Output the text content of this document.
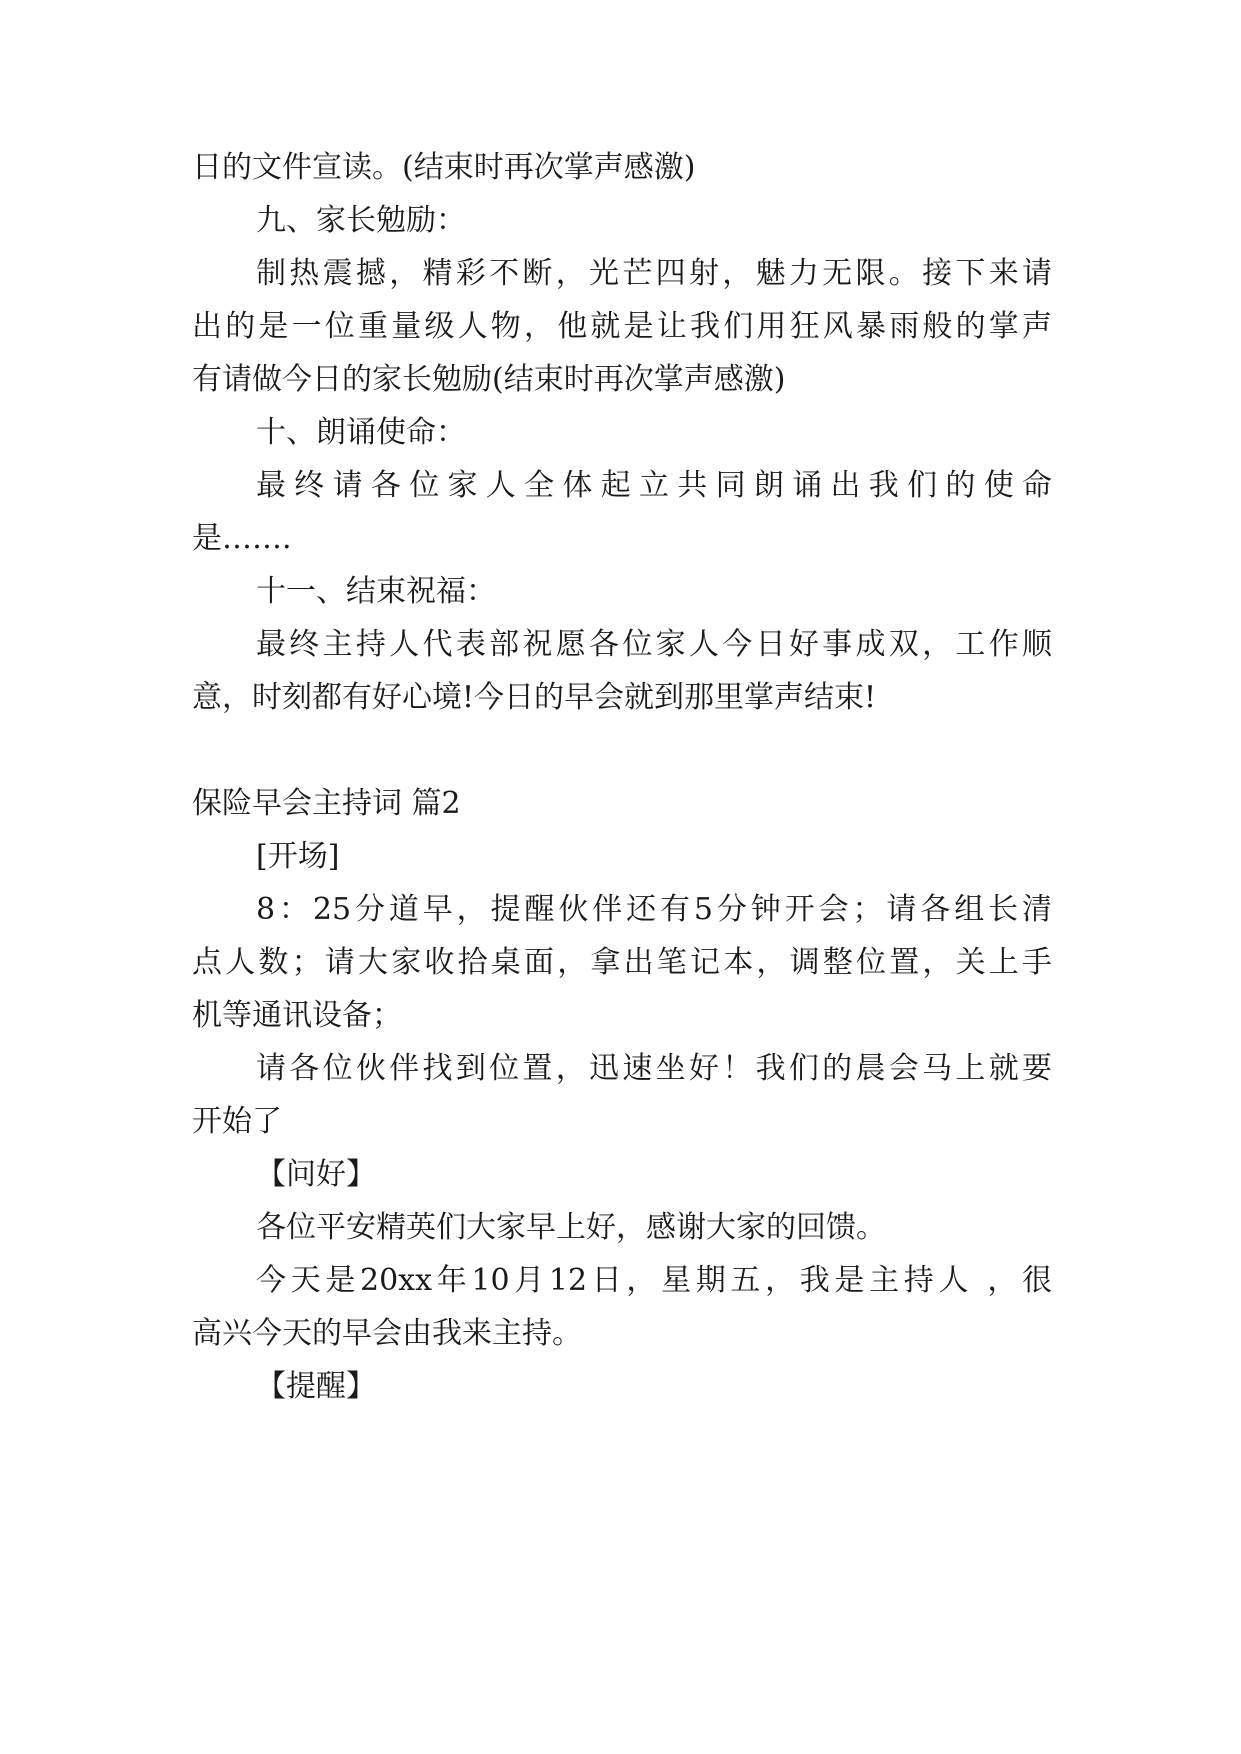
日的文件宣读。(结束时再次掌声感激)

九、家长勉励：

制热震撼，精彩不断，光芒四射，魅力无限。接下来请

出的是一位重量级人物，他就是让我们用狂风暴雨般的掌声

有请做今日的家长勉励(结束时再次掌声感激)

十、朗诵使命：

最终请各位家人全体起立共同朗诵出我们的使命

是…….

十一、结束祝福：

最终主持人代表部祝愿各位家人今日好事成双，工作顺

意，时刻都有好心境!今日的早会就到那里掌声结束!

保险早会主持词 篇2

[开场]

8：25分道早，提醒伙伴还有5分钟开会；请各组长清

点人数；请大家收拾桌面，拿出笔记本，调整位置，关上手

机等通讯设备；

请各位伙伴找到位置，迅速坐好！我们的晨会马上就要

开始了

【问好】

各位平安精英们大家早上好，感谢大家的回馈。

今天是20xx年10月12日，星期五，我是主持人 ，很

高兴今天的早会由我来主持。

【提醒】
